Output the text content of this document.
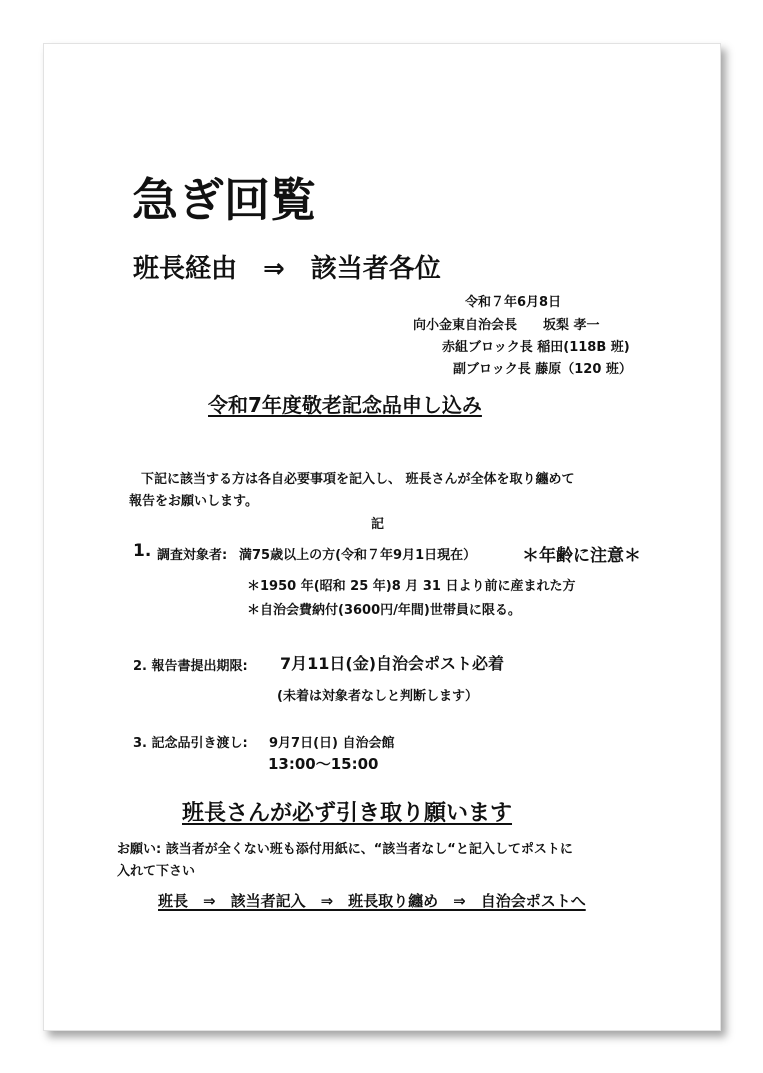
急ぎ回覧
班長経由　⇒　該当者各位
令和７年6月8日
向小金東自治会長　　坂梨 孝一
赤組ブロック長 稲田(118B 班)
副ブロック長 藤原（120 班）
令和7年度敬老記念品申し込み
下記に該当する方は各自必要事項を記入し、 班長さんが全体を取り纏めて
報告をお願いします。
記
1. 調査対象者: 満75歳以上の方(令和７年9月1日現在）	＊年齢に注意＊
＊1950 年(昭和 25 年)8 月 31 日より前に産まれた方
＊自治会費納付(3600円/年間)世帯員に限る。
2. 報告書提出期限: 7月11日(金)自治会ポスト必着
(未着は対象者なしと判断します）
3. 記念品引き渡し: 9月7日(日) 自治会館
13:00～15:00
班長さんが必ず引き取り願います
お願い: 該当者が全くない班も添付用紙に、“該当者なし“と記入してポストに
入れて下さい
班長　⇒　該当者記入　⇒　班長取り纏め　⇒　自治会ポストへ
